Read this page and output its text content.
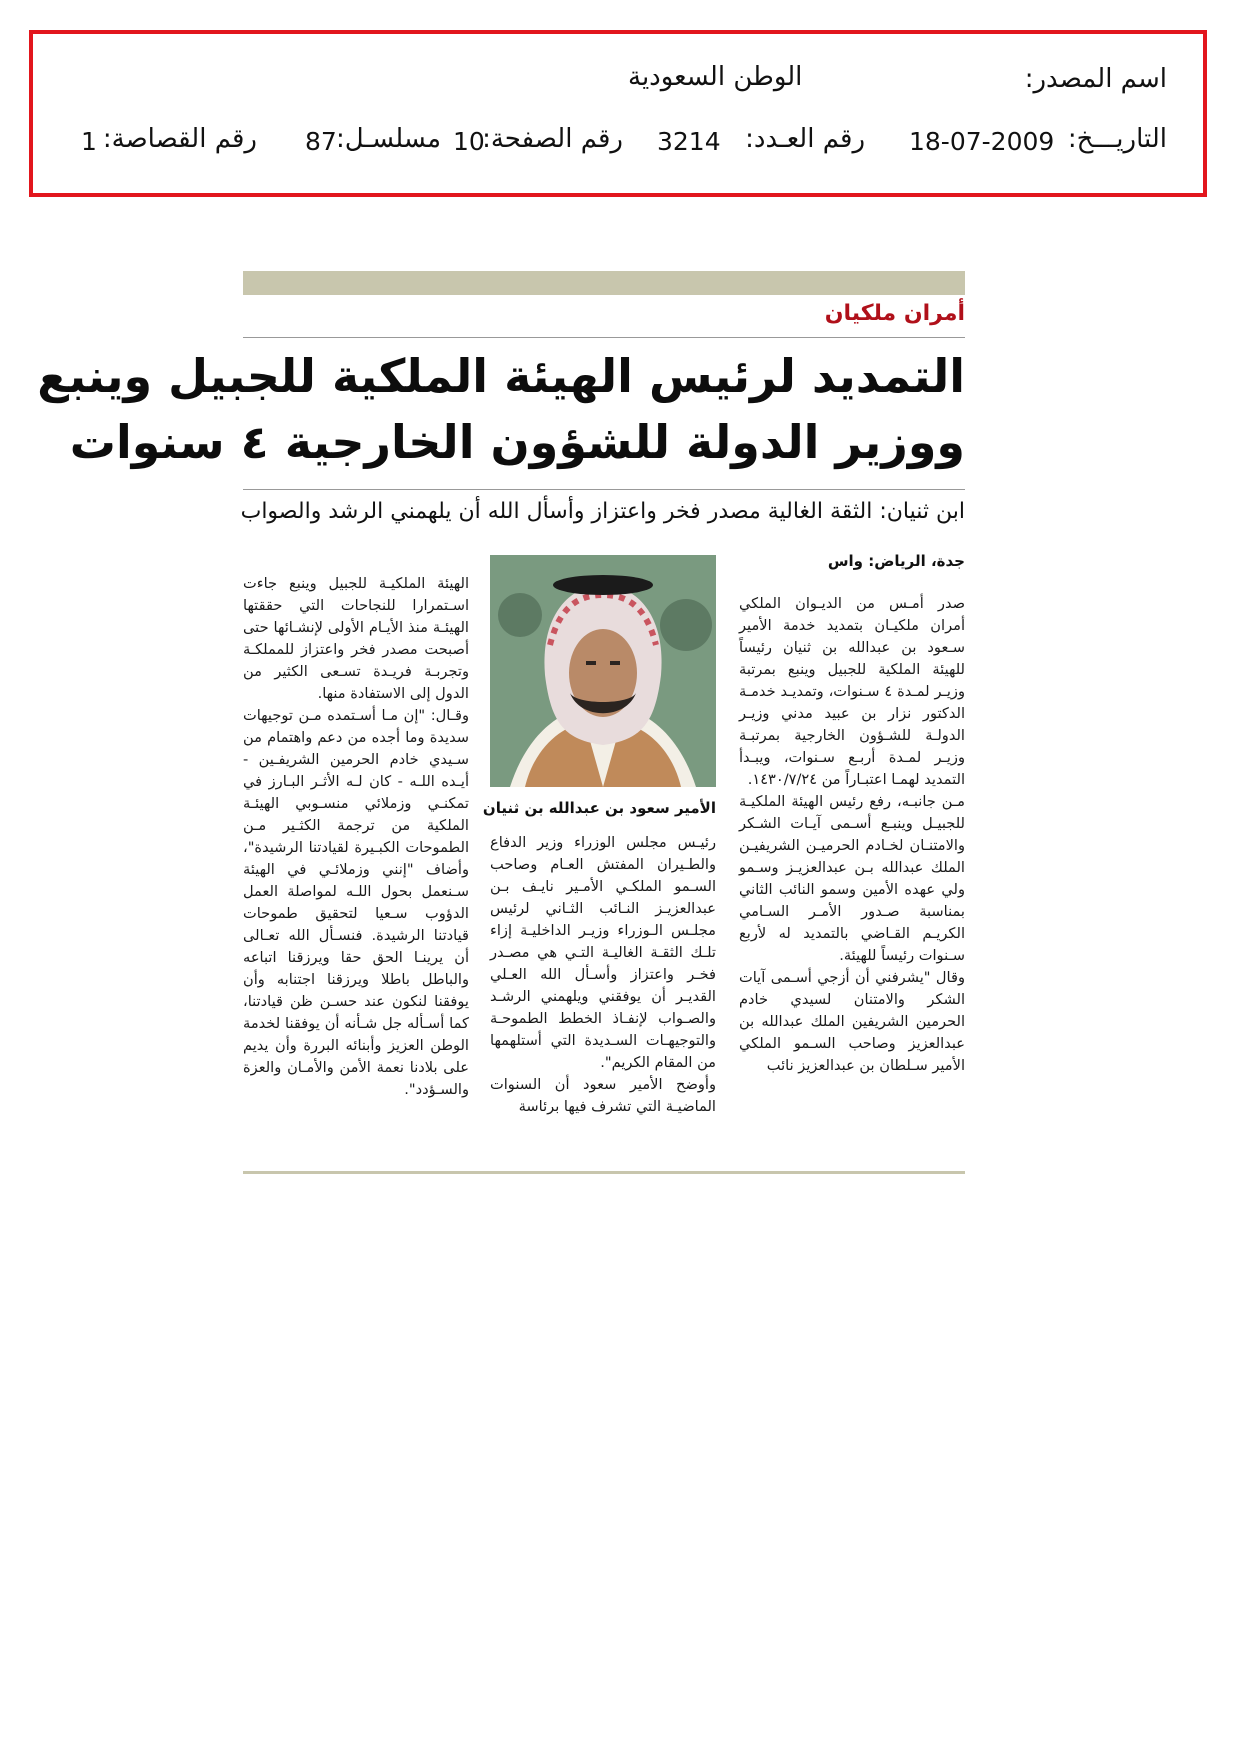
اسم المصدر:
الوطن السعودية
التاريـــخ:
18-07-2009
رقم العـدد:
3214
رقم الصفحة:
10
مسلسـل:
87
رقم القصاصة:
1
أمران ملكيان
التمديد لرئيس الهيئة الملكية للجبيل وينبع
ووزير الدولة للشؤون الخارجية ٤ سنوات
ابن ثنيان: الثقة الغالية مصدر فخر واعتزاز وأسأل الله أن يلهمني الرشد والصواب
جدة، الرياض: واس

صدر أمـس من الديـوان الملكي أمران ملكيـان بتمديد خدمة الأمير سـعود بن عبدالله بن ثنيان رئيساً للهيئة الملكية للجبيل وينبع بمرتبة وزيـر لمـدة ٤ سـنوات، وتمديـد خدمـة الدكتور نزار بن عبيد مدني وزيـر الدولـة للشـؤون الخارجية بمرتبـة وزيـر لمـدة أربـع سـنوات، ويبـدأ التمديد لهمـا اعتبـاراً من ١٤٣٠/٧/٢٤.
مـن جانبـه، رفع رئيس الهيئة الملكيـة للجبيـل وينبـع أسـمى آيـات الشـكر والامتنـان لخـادم الحرميـن الشريفيـن الملك عبدالله بـن عبدالعزيـز وسـمو ولي عهده الأمين وسمو النائب الثاني بمناسبة صـدور الأمـر السـامي الكريـم القـاضي بالتمديد له لأربع سـنوات رئيساً للهيئة.
وقال "يشرفني أن أزجي أسـمى آيات الشكر والامتنان لسيدي خادم الحرمين الشريفين الملك عبدالله بن عبدالعزيز وصاحب السـمو الملكي الأمير سـلطان بن عبدالعزيز نائب

الأمير سعود بن عبدالله بن ثنيان

رئيـس مجلس الوزراء وزير الدفاع والطـيران المفتش العـام وصاحب السـمو الملكـي الأمـير نايـف بـن عبدالعزيـز النـائب الثـاني لرئيس مجلـس الـوزراء وزيـر الداخليـة إزاء تلـك الثقـة الغاليـة التـي هي مصـدر فخـر واعتزاز وأسـأل الله العـلي القديـر أن يوفقني ويلهمني الرشـد والصـواب لإنفـاذ الخطط الطموحـة والتوجيهـات السـديدة التي أستلهمها من المقام الكريم".
وأوضح الأمير سعود أن السنوات الماضيـة التي تشرف فيها برئاسة

الهيئة الملكيـة للجبيل وينبع جاءت اسـتمرارا للنجاحات التي حققتها الهيئـة منذ الأيـام الأولى لإنشـائها حتى أصبحت مصدر فخر واعتزاز للمملكـة وتجربـة فريـدة تسـعى الكثير من الدول إلى الاستفادة منها.
وقـال: "إن مـا أسـتمده مـن توجيهات سديدة وما أجده من دعم واهتمام من سـيدي خادم الحرمين الشريفـين - أيـده اللـه - كان لـه الأثـر البـارز في تمكنـي وزملائي منسـوبي الهيئـة الملكية من ترجمة الكثـير مـن الطموحات الكبـيرة لقيادتنا الرشيدة"، وأضاف "إنني وزملائـي في الهيئة سـنعمل بحول اللـه لمواصلة العمل الدؤوب سـعيا لتحقيق طموحات قيادتنا الرشيدة. فنسـأل الله تعـالى أن يرينـا الحق حقا ويرزقنا اتباعه والباطل باطلا ويرزقنا اجتنابه وأن يوفقنا لنكون عند حسـن ظن قيادتنا، كما أسـأله جل شـأنه أن يوفقنا لخدمة الوطن العزيز وأبنائه البررة وأن يديم على بلادنا نعمة الأمن والأمـان والعزة والسـؤدد".
